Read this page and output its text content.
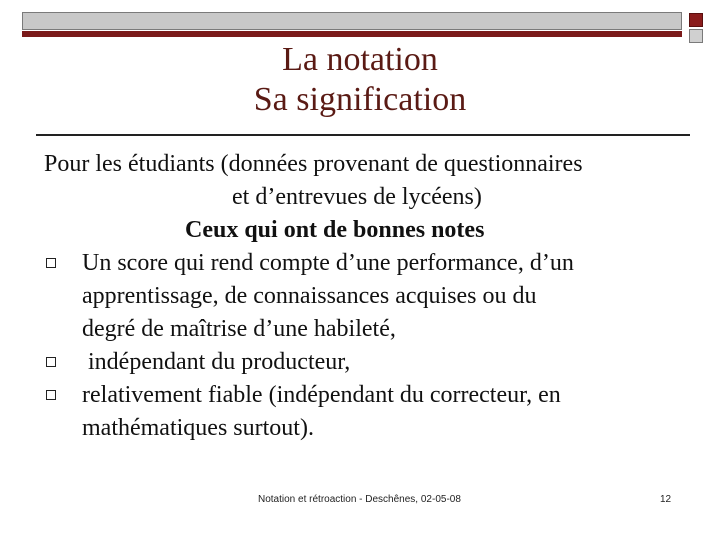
La notation
Sa signification
Pour les étudiants (données provenant de questionnaires
et d’entrevues de lycéens)
Ceux qui ont de bonnes notes
Un score qui rend compte d’une performance, d’un
apprentissage, de connaissances acquises ou du
degré de maîtrise d’une habileté,
indépendant du producteur,
relativement fiable (indépendant du correcteur, en
mathématiques surtout).
Notation et rétroaction - Deschênes, 02-05-08	12
